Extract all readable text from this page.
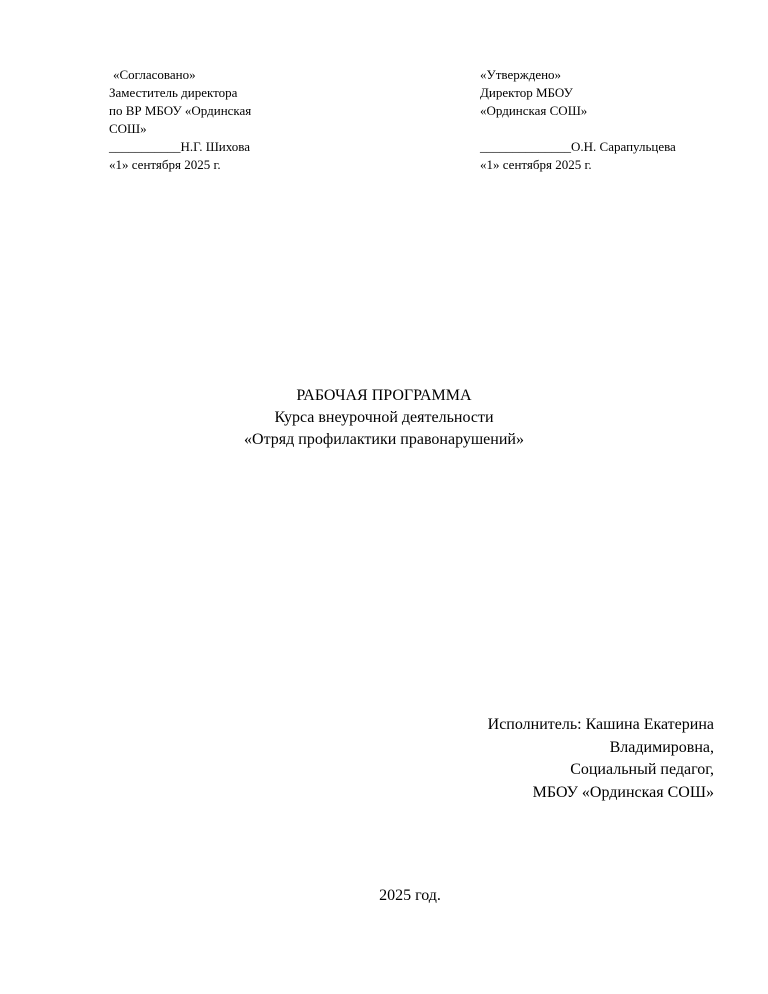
«Согласовано»
Заместитель директора
по ВР МБОУ «Ординская
СОШ»
___________Н.Г. Шихова
«1» сентября 2025 г.
«Утверждено»
Директор МБОУ
«Ординская СОШ»
______________О.Н. Сарапульцева
«1» сентября 2025 г.
РАБОЧАЯ ПРОГРАММА
Курса внеурочной деятельности
«Отряд профилактики правонарушений»
Исполнитель: Кашина Екатерина
Владимировна,
Социальный педагог,
МБОУ «Ординская СОШ»
2025 год.
